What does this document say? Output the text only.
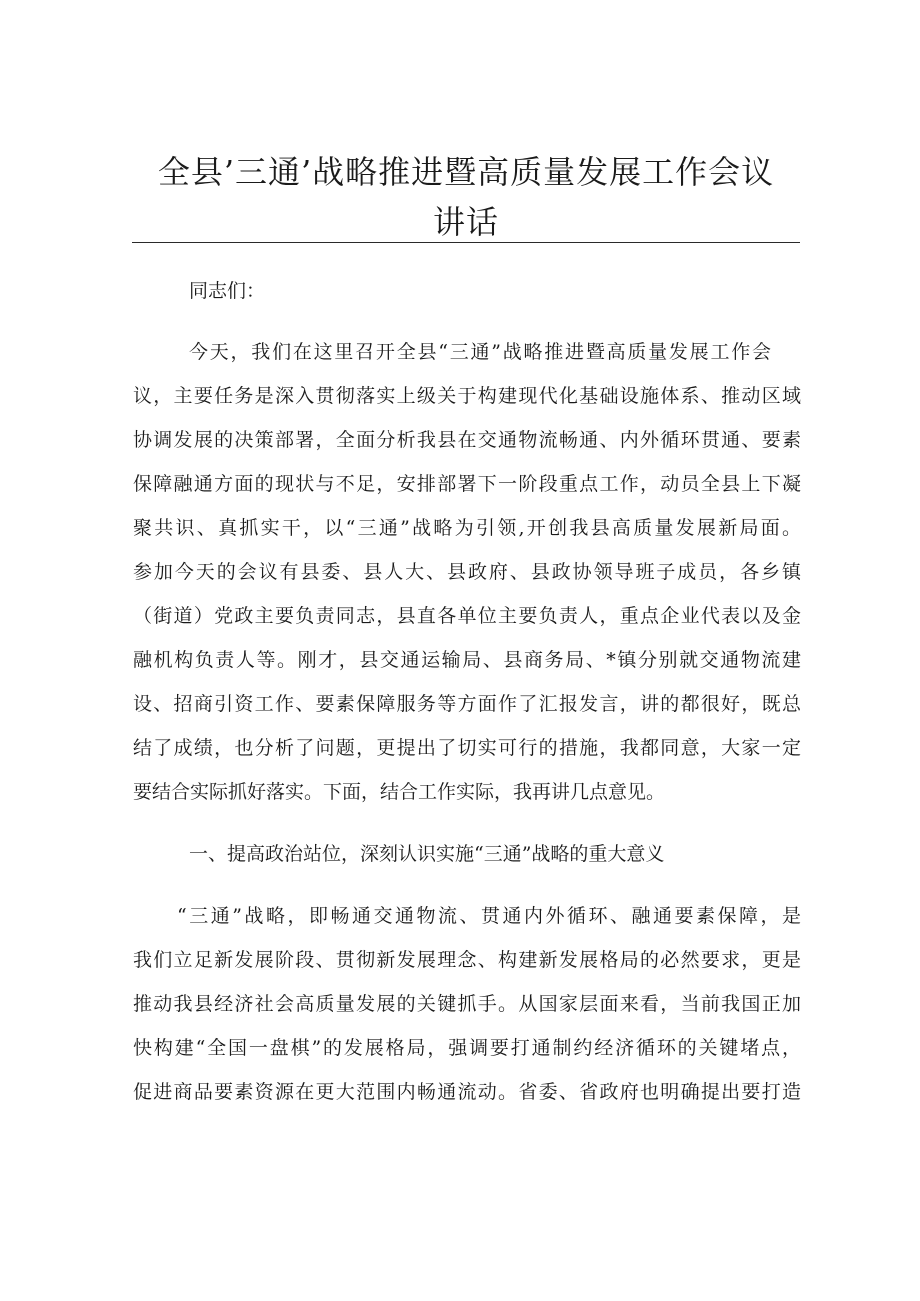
全县’三通’战略推进暨高质量发展工作会议
讲话
同志们：
今天，我们在这里召开全县“三通”战略推进暨高质量发展工作会
议，主要任务是深入贯彻落实上级关于构建现代化基础设施体系、推动区域
协调发展的决策部署，全面分析我县在交通物流畅通、内外循环贯通、要素
保障融通方面的现状与不足，安排部署下一阶段重点工作，动员全县上下凝
聚共识、真抓实干，以“三通”战略为引领,开创我县高质量发展新局面。
参加今天的会议有县委、县人大、县政府、县政协领导班子成员，各乡镇
（街道）党政主要负责同志，县直各单位主要负责人，重点企业代表以及金
融机构负责人等。刚才，县交通运输局、县商务局、*镇分别就交通物流建
设、招商引资工作、要素保障服务等方面作了汇报发言，讲的都很好，既总
结了成绩，也分析了问题，更提出了切实可行的措施，我都同意，大家一定
要结合实际抓好落实。下面，结合工作实际，我再讲几点意见。
一、提高政治站位，深刻认识实施“三通”战略的重大意义
“三通”战略，即畅通交通物流、贯通内外循环、融通要素保障，是
我们立足新发展阶段、贯彻新发展理念、构建新发展格局的必然要求，更是
推动我县经济社会高质量发展的关键抓手。从国家层面来看，当前我国正加
快构建“全国一盘棋”的发展格局，强调要打通制约经济循环的关键堵点，
促进商品要素资源在更大范围内畅通流动。省委、省政府也明确提出要打造
